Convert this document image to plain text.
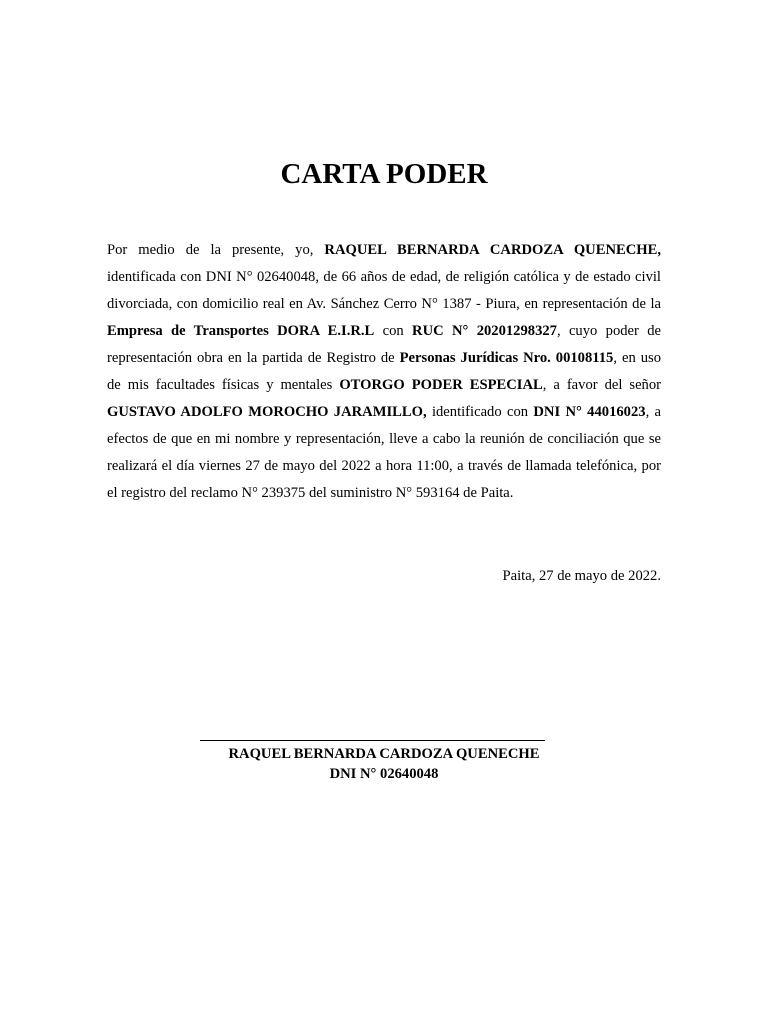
CARTA PODER
Por medio de la presente, yo, RAQUEL BERNARDA CARDOZA QUENECHE, identificada con DNI N° 02640048, de 66 años de edad, de religión católica y de estado civil divorciada, con domicilio real en Av. Sánchez Cerro N° 1387 - Piura, en representación de la Empresa de Transportes DORA E.I.R.L con RUC N° 20201298327, cuyo poder de representación obra en la partida de Registro de Personas Jurídicas Nro. 00108115, en uso de mis facultades físicas y mentales OTORGO PODER ESPECIAL, a favor del señor GUSTAVO ADOLFO MOROCHO JARAMILLO, identificado con DNI N° 44016023, a efectos de que en mi nombre y representación, lleve a cabo la reunión de conciliación que se realizará el día viernes 27 de mayo del 2022 a hora 11:00, a través de llamada telefónica, por el registro del reclamo N° 239375 del suministro N° 593164 de Paita.
Paita, 27 de mayo de 2022.
RAQUEL BERNARDA CARDOZA QUENECHE
DNI N° 02640048
